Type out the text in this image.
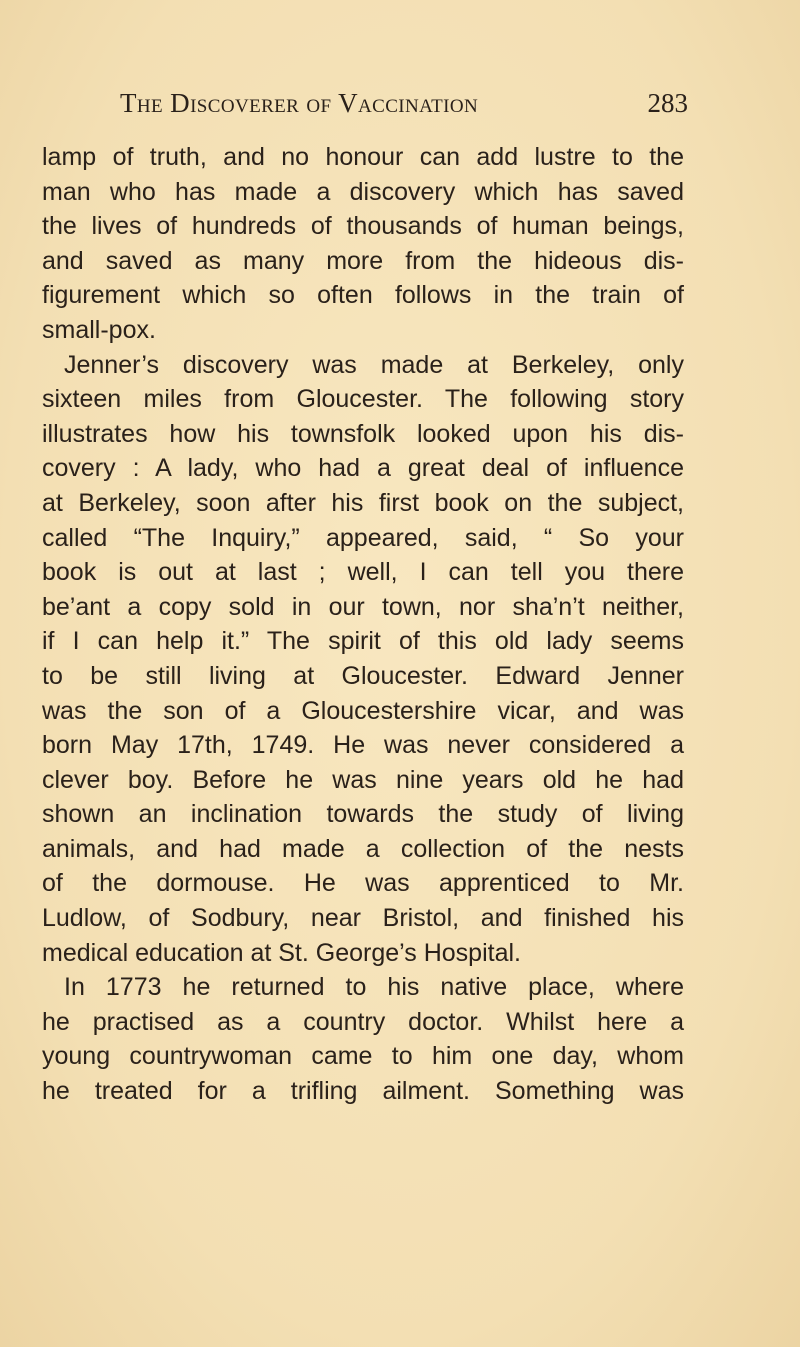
The Discoverer of Vaccination	283
lamp of truth, and no honour can add lustre to the
man who has made a discovery which has saved
the lives of hundreds of thousands of human beings,
and saved as many more from the hideous dis-
figurement which so often follows in the train of
small-pox.
Jenner’s discovery was made at Berkeley, only
sixteen miles from Gloucester. The following story
illustrates how his townsfolk looked upon his dis-
covery : A lady, who had a great deal of influence
at Berkeley, soon after his first book on the subject,
called “The Inquiry,” appeared, said, “ So your
book is out at last ; well, I can tell you there
be’ant a copy sold in our town, nor sha’n’t neither,
if I can help it.” The spirit of this old lady seems
to be still living at Gloucester. Edward Jenner
was the son of a Gloucestershire vicar, and was
born May 17th, 1749. He was never considered a
clever boy. Before he was nine years old he had
shown an inclination towards the study of living
animals, and had made a collection of the nests
of the dormouse. He was apprenticed to Mr.
Ludlow, of Sodbury, near Bristol, and finished his
medical education at St. George’s Hospital.
In 1773 he returned to his native place, where
he practised as a country doctor. Whilst here a
young countrywoman came to him one day, whom
he treated for a trifling ailment. Something was
